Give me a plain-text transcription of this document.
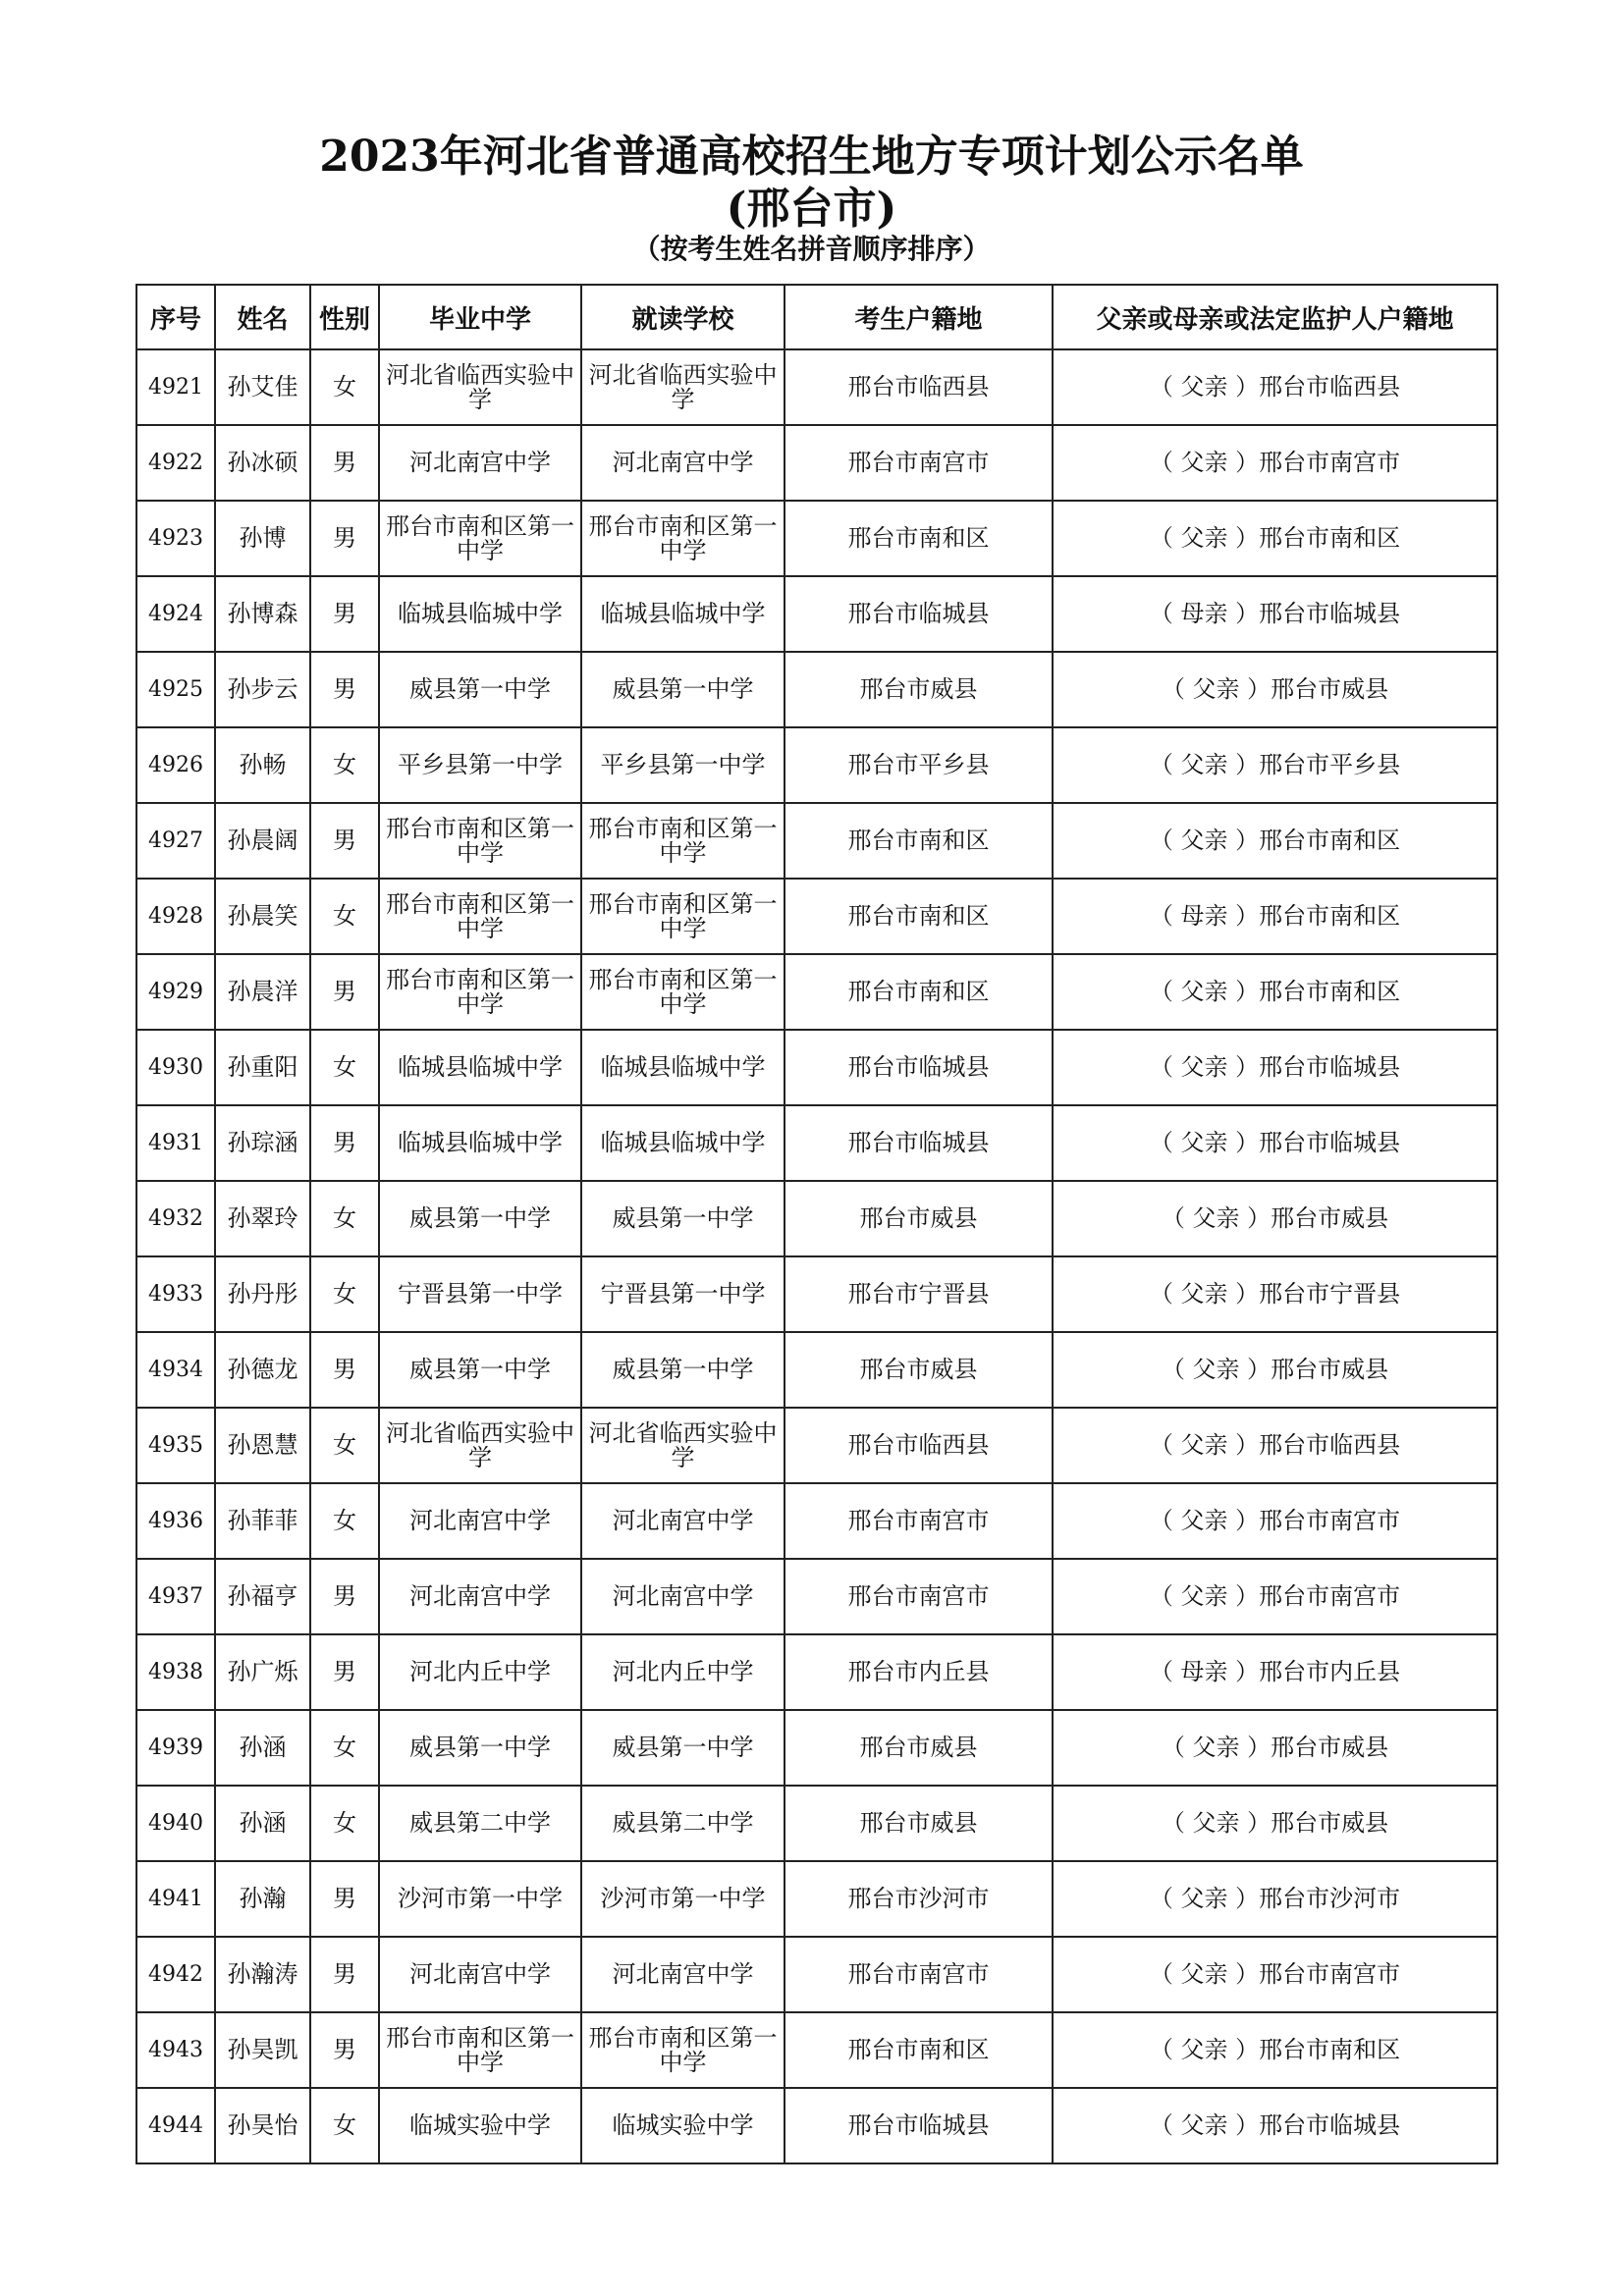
2023年河北省普通高校招生地方专项计划公示名单
(邢台市)
（按考生姓名拼音顺序排序）
序号	姓名	性别	毕业中学	就读学校	考生户籍地	父亲或母亲或法定监护人户籍地
4921	孙艾佳	女	河北省临西实验中学	河北省临西实验中学	邢台市临西县	（ 父亲 ）邢台市临西县
4922	孙冰硕	男	河北南宫中学	河北南宫中学	邢台市南宫市	（ 父亲 ）邢台市南宫市
4923	孙博	男	邢台市南和区第一中学	邢台市南和区第一中学	邢台市南和区	（ 父亲 ）邢台市南和区
4924	孙博森	男	临城县临城中学	临城县临城中学	邢台市临城县	（ 母亲 ）邢台市临城县
4925	孙步云	男	威县第一中学	威县第一中学	邢台市威县	（ 父亲 ）邢台市威县
4926	孙畅	女	平乡县第一中学	平乡县第一中学	邢台市平乡县	（ 父亲 ）邢台市平乡县
4927	孙晨阔	男	邢台市南和区第一中学	邢台市南和区第一中学	邢台市南和区	（ 父亲 ）邢台市南和区
4928	孙晨笑	女	邢台市南和区第一中学	邢台市南和区第一中学	邢台市南和区	（ 母亲 ）邢台市南和区
4929	孙晨洋	男	邢台市南和区第一中学	邢台市南和区第一中学	邢台市南和区	（ 父亲 ）邢台市南和区
4930	孙重阳	女	临城县临城中学	临城县临城中学	邢台市临城县	（ 父亲 ）邢台市临城县
4931	孙琮涵	男	临城县临城中学	临城县临城中学	邢台市临城县	（ 父亲 ）邢台市临城县
4932	孙翠玲	女	威县第一中学	威县第一中学	邢台市威县	（ 父亲 ）邢台市威县
4933	孙丹彤	女	宁晋县第一中学	宁晋县第一中学	邢台市宁晋县	（ 父亲 ）邢台市宁晋县
4934	孙德龙	男	威县第一中学	威县第一中学	邢台市威县	（ 父亲 ）邢台市威县
4935	孙恩慧	女	河北省临西实验中学	河北省临西实验中学	邢台市临西县	（ 父亲 ）邢台市临西县
4936	孙菲菲	女	河北南宫中学	河北南宫中学	邢台市南宫市	（ 父亲 ）邢台市南宫市
4937	孙福亨	男	河北南宫中学	河北南宫中学	邢台市南宫市	（ 父亲 ）邢台市南宫市
4938	孙广烁	男	河北内丘中学	河北内丘中学	邢台市内丘县	（ 母亲 ）邢台市内丘县
4939	孙涵	女	威县第一中学	威县第一中学	邢台市威县	（ 父亲 ）邢台市威县
4940	孙涵	女	威县第二中学	威县第二中学	邢台市威县	（ 父亲 ）邢台市威县
4941	孙瀚	男	沙河市第一中学	沙河市第一中学	邢台市沙河市	（ 父亲 ）邢台市沙河市
4942	孙瀚涛	男	河北南宫中学	河北南宫中学	邢台市南宫市	（ 父亲 ）邢台市南宫市
4943	孙昊凯	男	邢台市南和区第一中学	邢台市南和区第一中学	邢台市南和区	（ 父亲 ）邢台市南和区
4944	孙昊怡	女	临城实验中学	临城实验中学	邢台市临城县	（ 父亲 ）邢台市临城县
